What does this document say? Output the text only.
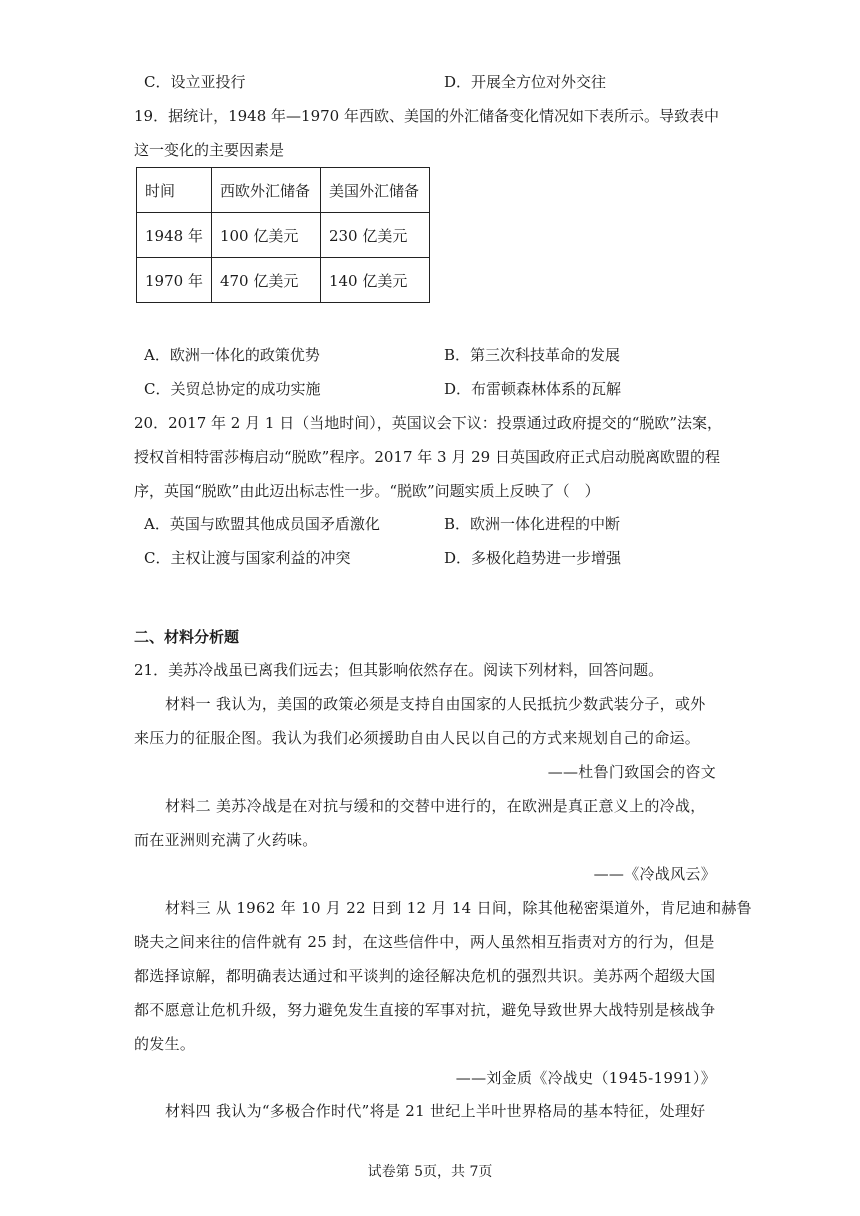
C．设立亚投行	D．开展全方位对外交往
19．据统计，1948 年—1970 年西欧、美国的外汇储备变化情况如下表所示。导致表中
这一变化的主要因素是
时间	西欧外汇储备	美国外汇储备
1948 年	100 亿美元	230 亿美元
1970 年	470 亿美元	140 亿美元
A．欧洲一体化的政策优势	B．第三次科技革命的发展
C．关贸总协定的成功实施	D．布雷顿森林体系的瓦解
20．2017 年 2 月 1 日（当地时间），英国议会下议：投票通过政府提交的“脱欧”法案，
授权首相特雷莎梅启动“脱欧”程序。2017 年 3 月 29 日英国政府正式启动脱离欧盟的程
序，英国“脱欧”由此迈出标志性一步。“脱欧”问题实质上反映了（　）
A．英国与欧盟其他成员国矛盾激化	B．欧洲一体化进程的中断
C．主权让渡与国家利益的冲突	D．多极化趋势进一步增强
二、材料分析题
21．美苏冷战虽已离我们远去；但其影响依然存在。阅读下列材料，回答问题。
材料一 我认为，美国的政策必须是支持自由国家的人民抵抗少数武装分子，或外
来压力的征服企图。我认为我们必须援助自由人民以自己的方式来规划自己的命运。
——杜鲁门致国会的咨文
材料二 美苏冷战是在对抗与缓和的交替中进行的，在欧洲是真正意义上的冷战，
而在亚洲则充满了火药味。
——《冷战风云》
材料三 从 1962 年 10 月 22 日到 12 月 14 日间，除其他秘密渠道外，肯尼迪和赫鲁
晓夫之间来往的信件就有 25 封，在这些信件中，两人虽然相互指责对方的行为，但是
都选择谅解，都明确表达通过和平谈判的途径解决危机的强烈共识。美苏两个超级大国
都不愿意让危机升级，努力避免发生直接的军事对抗，避免导致世界大战特别是核战争
的发生。
——刘金质《冷战史（1945-1991）》
材料四 我认为“多极合作时代”将是 21 世纪上半叶世界格局的基本特征，处理好
试卷第 5页，共 7页
